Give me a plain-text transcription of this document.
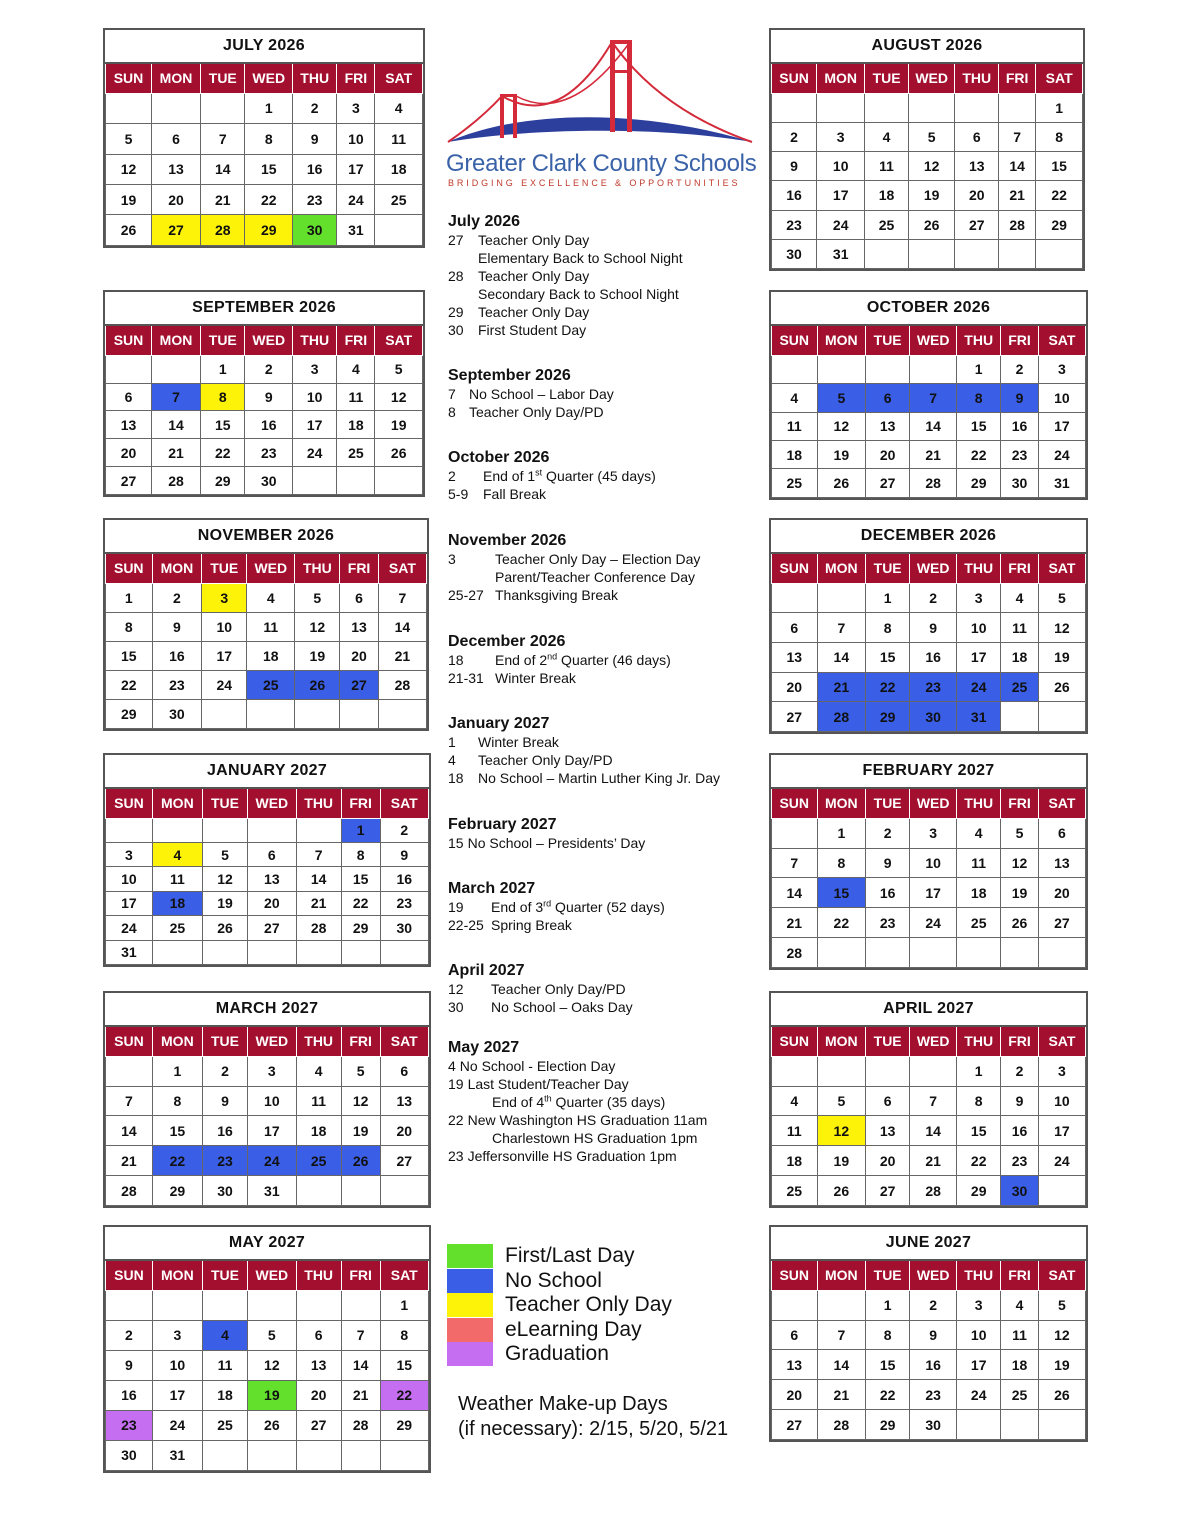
Greater Clark County Schools
BRIDGING EXCELLENCE & OPPORTUNITIES
JULY 2026						
SUN	MON	TUE	WED	THU	FRI	SAT
			1	2	3	4
5	6	7	8	9	10	11
12	13	14	15	16	17	18
19	20	21	22	23	24	25
26	27	28	29	30	31	
AUGUST 2026						
SUN	MON	TUE	WED	THU	FRI	SAT
						1
2	3	4	5	6	7	8
9	10	11	12	13	14	15
16	17	18	19	20	21	22
23	24	25	26	27	28	29
30	31					
SEPTEMBER 2026						
SUN	MON	TUE	WED	THU	FRI	SAT
		1	2	3	4	5
6	7	8	9	10	11	12
13	14	15	16	17	18	19
20	21	22	23	24	25	26
27	28	29	30			
OCTOBER 2026						
SUN	MON	TUE	WED	THU	FRI	SAT
				1	2	3
4	5	6	7	8	9	10
11	12	13	14	15	16	17
18	19	20	21	22	23	24
25	26	27	28	29	30	31
NOVEMBER 2026						
SUN	MON	TUE	WED	THU	FRI	SAT
1	2	3	4	5	6	7
8	9	10	11	12	13	14
15	16	17	18	19	20	21
22	23	24	25	26	27	28
29	30					
DECEMBER 2026						
SUN	MON	TUE	WED	THU	FRI	SAT
		1	2	3	4	5
6	7	8	9	10	11	12
13	14	15	16	17	18	19
20	21	22	23	24	25	26
27	28	29	30	31		
JANUARY 2027						
SUN	MON	TUE	WED	THU	FRI	SAT
					1	2
3	4	5	6	7	8	9
10	11	12	13	14	15	16
17	18	19	20	21	22	23
24	25	26	27	28	29	30
31						
FEBRUARY 2027						
SUN	MON	TUE	WED	THU	FRI	SAT
	1	2	3	4	5	6
7	8	9	10	11	12	13
14	15	16	17	18	19	20
21	22	23	24	25	26	27
28						
MARCH 2027						
SUN	MON	TUE	WED	THU	FRI	SAT
	1	2	3	4	5	6
7	8	9	10	11	12	13
14	15	16	17	18	19	20
21	22	23	24	25	26	27
28	29	30	31			
APRIL 2027						
SUN	MON	TUE	WED	THU	FRI	SAT
				1	2	3
4	5	6	7	8	9	10
11	12	13	14	15	16	17
18	19	20	21	22	23	24
25	26	27	28	29	30	
MAY 2027						
SUN	MON	TUE	WED	THU	FRI	SAT
						1
2	3	4	5	6	7	8
9	10	11	12	13	14	15
16	17	18	19	20	21	22
23	24	25	26	27	28	29
30	31					
JUNE 2027						
SUN	MON	TUE	WED	THU	FRI	SAT
		1	2	3	4	5
6	7	8	9	10	11	12
13	14	15	16	17	18	19
20	21	22	23	24	25	26
27	28	29	30			
July 2026
27	Teacher Only Day
Elementary Back to School Night
28	Teacher Only Day
Secondary Back to School Night
29	Teacher Only Day
30	First Student Day
September 2026
7 No School – Labor Day
8 Teacher Only Day/PD
October 2026
2	End of 1st Quarter (45 days)
5-9	Fall Break
November 2026
3	Teacher Only Day – Election Day
Parent/Teacher Conference Day
25-27 Thanksgiving Break
December 2026
18	End of 2nd Quarter (46 days)
21-31 Winter Break
January 2027
1	Winter Break
4	Teacher Only Day/PD
18	No School – Martin Luther King Jr. Day
February 2027
15 No School – Presidents’ Day
March 2027
19	End of 3rd Quarter (52 days)
22-25 Spring Break
April 2027
12	Teacher Only Day/PD
30	No School – Oaks Day
May 2027
4 No School - Election Day
19 Last Student/Teacher Day
End of 4th Quarter (35 days)
22 New Washington HS Graduation 11am
Charlestown HS Graduation 1pm
23 Jeffersonville HS Graduation 1pm
First/Last Day
No School
Teacher Only Day
eLearning Day
Graduation
Weather Make-up Days
(if necessary): 2/15, 5/20, 5/21
